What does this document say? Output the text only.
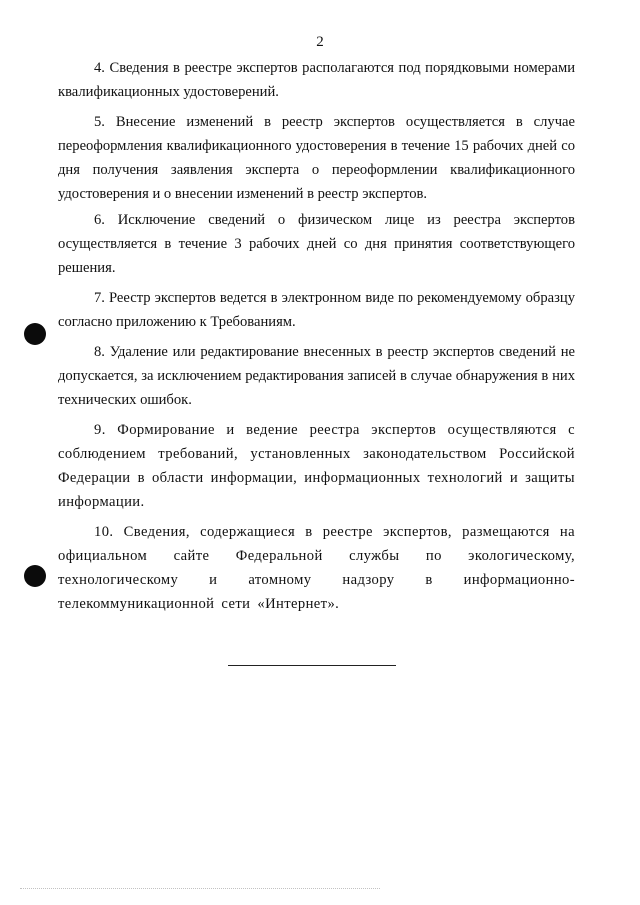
2

4. Сведения в реестре экспертов располагаются под порядковыми номерами квалификационных удостоверений.

5. Внесение изменений в реестр экспертов осуществляется в случае переоформления квалификационного удостоверения в течение 15 рабочих дней со дня получения заявления эксперта о переоформлении квалификационного удостоверения и о внесении изменений в реестр экспертов.

6. Исключение сведений о физическом лице из реестра экспертов осуществляется в течение 3 рабочих дней со дня принятия соответствующего решения.

7. Реестр экспертов ведется в электронном виде по рекомендуемому образцу согласно приложению к Требованиям.

8. Удаление или редактирование внесенных в реестр экспертов сведений не допускается, за исключением редактирования записей в случае обнаружения в них технических ошибок.

9. Формирование и ведение реестра экспертов осуществляются с соблюдением требований, установленных законодательством Российской Федерации в области информации, информационных технологий и защиты информации.

10. Сведения, содержащиеся в реестре экспертов, размещаются на официальном сайте Федеральной службы по экологическому, технологическому и атомному надзору в информационно-телекоммуникационной сети «Интернет».
